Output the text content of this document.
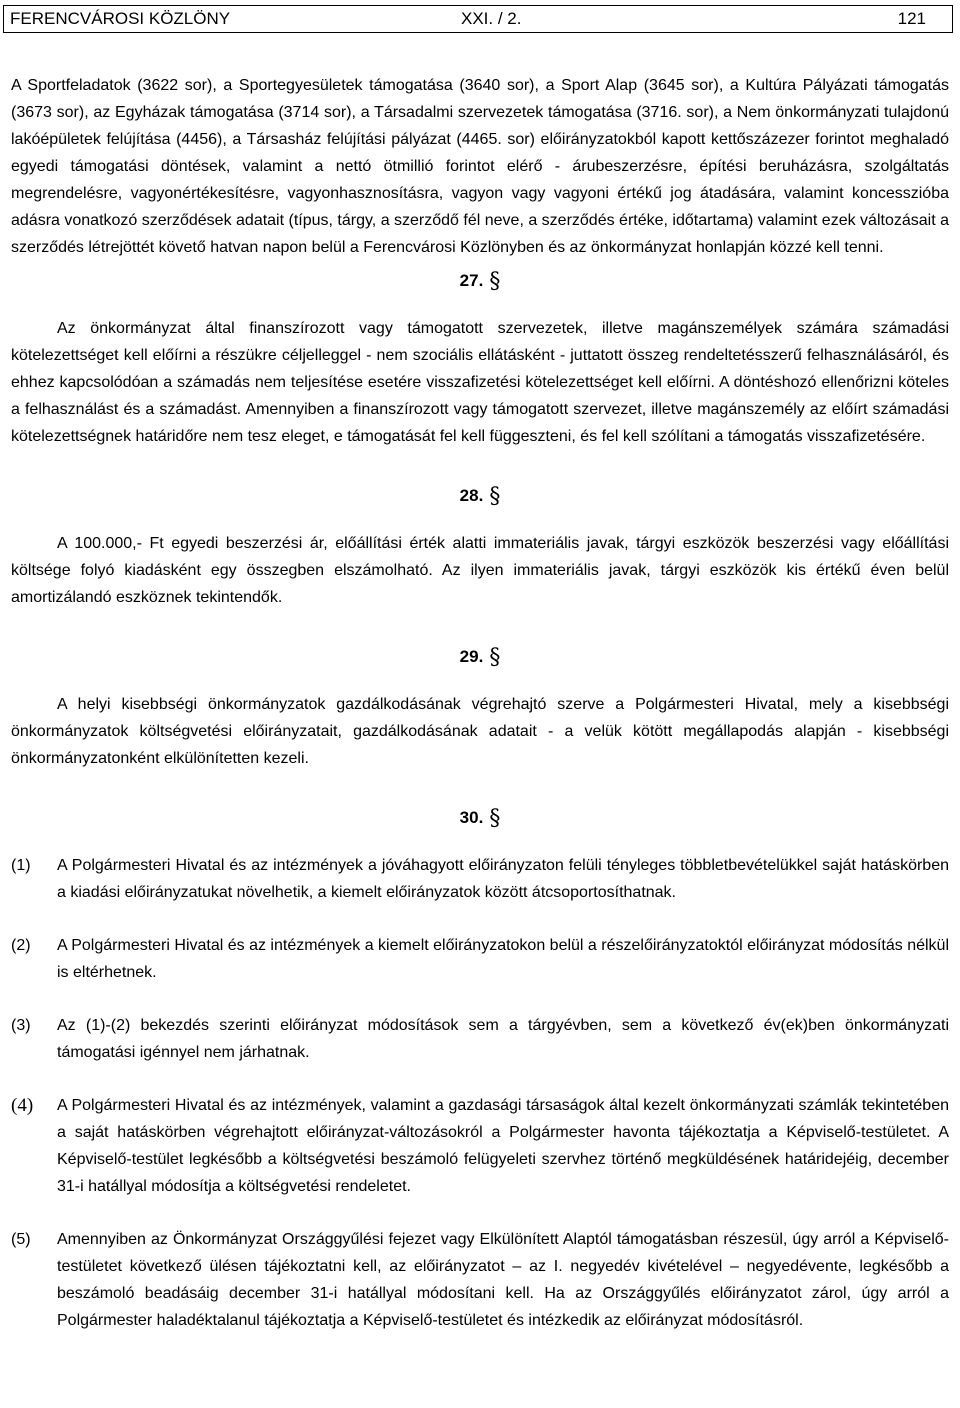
FERENCVÁROSI KÖZLÖNY	XXI. / 2.	121

A Sportfeladatok (3622 sor), a Sportegyesületek támogatása (3640 sor), a Sport Alap (3645 sor), a Kultúra Pályázati támogatás (3673 sor), az Egyházak támogatása (3714 sor), a Társadalmi szervezetek támogatása (3716. sor), a Nem önkormányzati tulajdonú lakóépületek felújítása (4456), a Társasház felújítási pályázat (4465. sor) előirányzatokból kapott kettőszázezer forintot meghaladó egyedi támogatási döntések, valamint a nettó ötmillió forintot elérő - árubeszerzésre, építési beruházásra, szolgáltatás megrendelésre, vagyonértékesítésre, vagyonhasznosításra, vagyon vagy vagyoni értékű jog átadására, valamint koncesszióba adásra vonatkozó szerződések adatait (típus, tárgy, a szerződő fél neve, a szerződés értéke, időtartama) valamint ezek változásait a szerződés létrejöttét követő hatvan napon belül a Ferencvárosi Közlönyben és az önkormányzat honlapján közzé kell tenni.

27. §

Az önkormányzat által finanszírozott vagy támogatott szervezetek, illetve magánszemélyek számára számadási kötelezettséget kell előírni a részükre céljelleggel - nem szociális ellátásként - juttatott összeg rendeltetésszerű felhasználásáról, és ehhez kapcsolódóan a számadás nem teljesítése esetére visszafizetési kötelezettséget kell előírni. A döntéshozó ellenőrizni köteles a felhasználást és a számadást. Amennyiben a finanszírozott vagy támogatott szervezet, illetve magánszemély az előírt számadási kötelezettségnek határidőre nem tesz eleget, e támogatását fel kell függeszteni, és fel kell szólítani a támogatás visszafizetésére.

28. §

A 100.000,- Ft egyedi beszerzési ár, előállítási érték alatti immateriális javak, tárgyi eszközök beszerzési vagy előállítási költsége folyó kiadásként egy összegben elszámolható. Az ilyen immateriális javak, tárgyi eszközök kis értékű éven belül amortizálandó eszköznek tekintendők.

29. §

A helyi kisebbségi önkormányzatok gazdálkodásának végrehajtó szerve a Polgármesteri Hivatal, mely a kisebbségi önkormányzatok költségvetési előirányzatait, gazdálkodásának adatait - a velük kötött megállapodás alapján - kisebbségi önkormányzatonként elkülönítetten kezeli.

30. §
(1)	A Polgármesteri Hivatal és az intézmények a jóváhagyott előirányzaton felüli tényleges többletbevételükkel saját hatáskörben a kiadási előirányzatukat növelhetik, a kiemelt előirányzatok között átcsoportosíthatnak.
(2)	A Polgármesteri Hivatal és az intézmények a kiemelt előirányzatokon belül a részelőirányzatoktól előirányzat módosítás nélkül is eltérhetnek.
(3)	Az (1)-(2) bekezdés szerinti előirányzat módosítások sem a tárgyévben, sem a következő év(ek)ben önkormányzati támogatási igénnyel nem járhatnak.
(4)	A Polgármesteri Hivatal és az intézmények, valamint a gazdasági társaságok által kezelt önkormányzati számlák tekintetében a saját hatáskörben végrehajtott előirányzat-változásokról a Polgármester havonta tájékoztatja a Képviselő-testületet. A Képviselő-testület legkésőbb a költségvetési beszámoló felügyeleti szervhez történő megküldésének határidejéig, december 31-i hatállyal módosítja a költségvetési rendeletet.
(5)	Amennyiben az Önkormányzat Országgyűlési fejezet vagy Elkülönített Alaptól támogatásban részesül, úgy arról a Képviselő-testületet következő ülésen tájékoztatni kell, az előirányzatot – az I. negyedév kivételével – negyedévente, legkésőbb a beszámoló beadásáig december 31-i hatállyal módosítani kell. Ha az Országgyűlés előirányzatot zárol, úgy arról a Polgármester haladéktalanul tájékoztatja a Képviselő-testületet és intézkedik az előirányzat módosításról.
